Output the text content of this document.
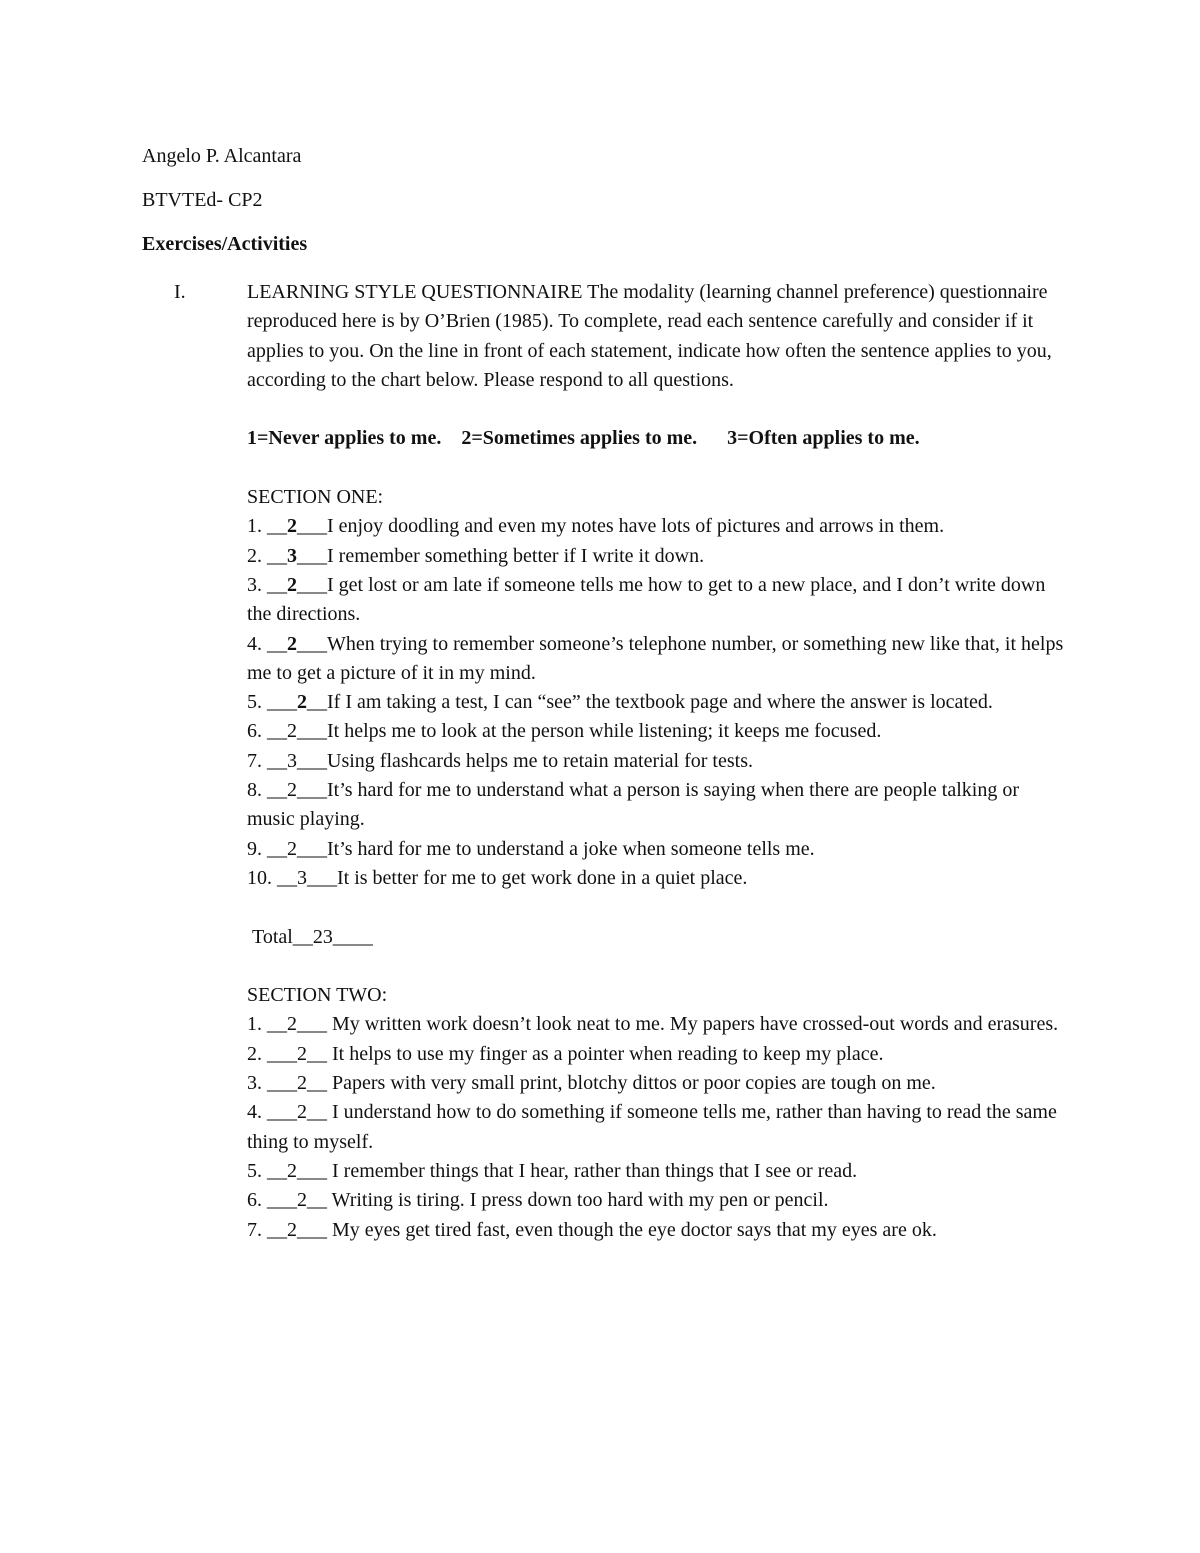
Angelo P. Alcantara
BTVTEd- CP2
Exercises/Activities
I.	LEARNING STYLE QUESTIONNAIRE The modality (learning channel preference) questionnaire reproduced here is by O’Brien (1985). To complete, read each sentence carefully and consider if it applies to you. On the line in front of each statement, indicate how often the sentence applies to you, according to the chart below. Please respond to all questions.

1=Never applies to me. 2=Sometimes applies to me. 3=Often applies to me.

SECTION ONE:

1. __2___I enjoy doodling and even my notes have lots of pictures and arrows in them.

2. __3___I remember something better if I write it down.

3. __2___I get lost or am late if someone tells me how to get to a new place, and I don’t write down the directions.

4. __2___When trying to remember someone’s telephone number, or something new like that, it helps me to get a picture of it in my mind.

5. ___2__If I am taking a test, I can “see” the textbook page and where the answer is located.

6. __2___It helps me to look at the person while listening; it keeps me focused.

7. __3___Using flashcards helps me to retain material for tests.

8. __2___It’s hard for me to understand what a person is saying when there are people talking or music playing.

9. __2___It’s hard for me to understand a joke when someone tells me.

10. __3___It is better for me to get work done in a quiet place.

Total__23____

SECTION TWO:

1. __2___ My written work doesn’t look neat to me. My papers have crossed-out words and erasures.

2. ___2__ It helps to use my finger as a pointer when reading to keep my place.

3. ___2__ Papers with very small print, blotchy dittos or poor copies are tough on me.

4. ___2__ I understand how to do something if someone tells me, rather than having to read the same thing to myself.

5. __2___ I remember things that I hear, rather than things that I see or read.

6. ___2__ Writing is tiring. I press down too hard with my pen or pencil.

7. __2___ My eyes get tired fast, even though the eye doctor says that my eyes are ok.
